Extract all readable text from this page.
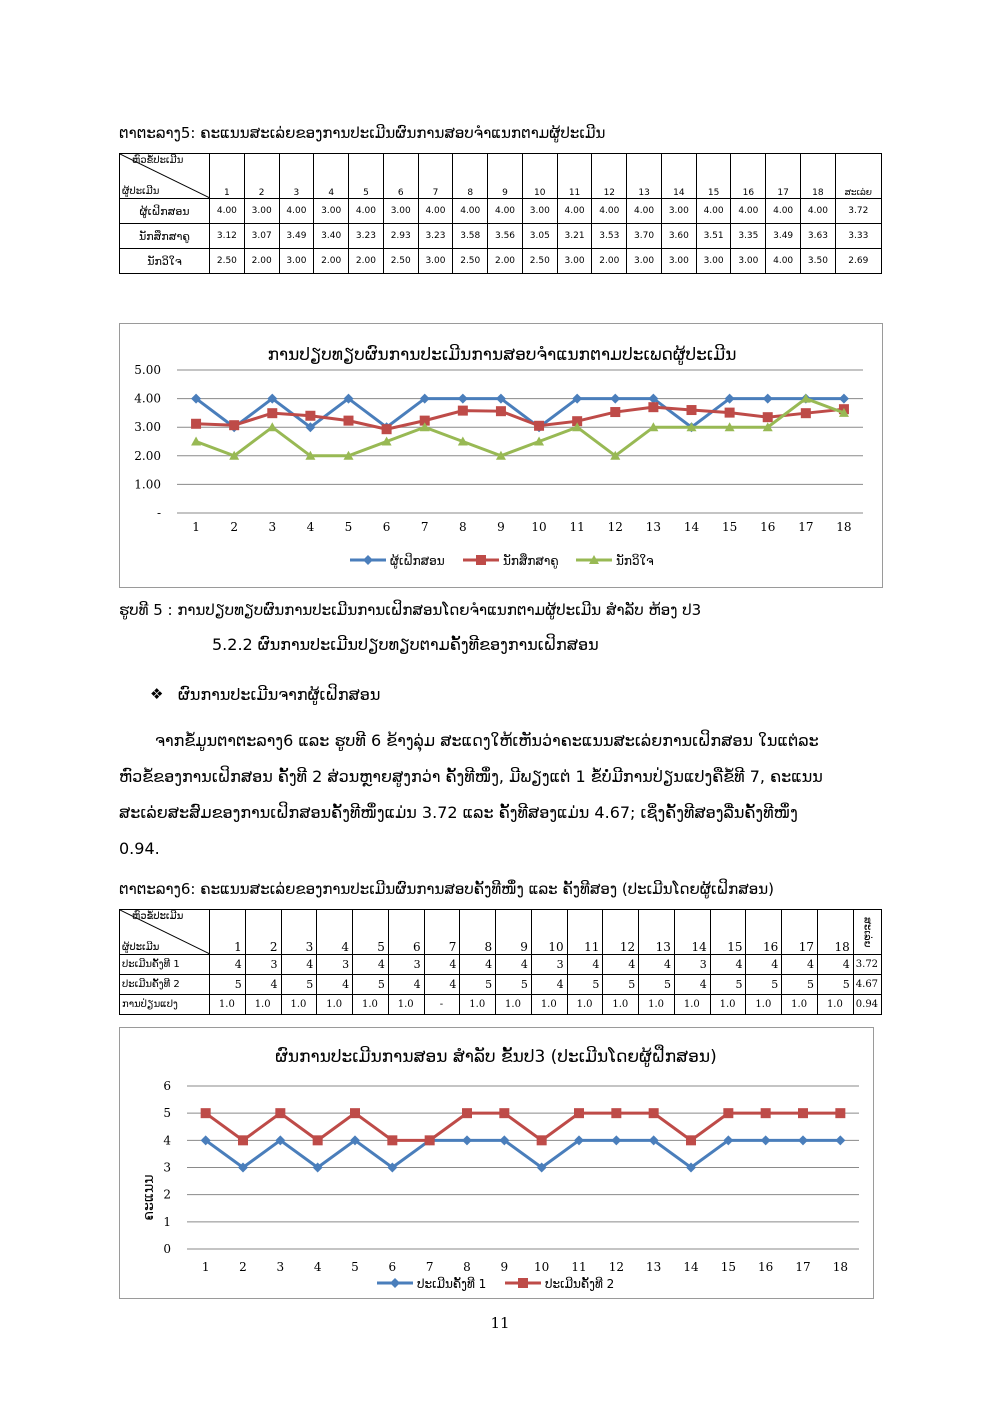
ຕາຕະລາງ5: ຄະແນນສະເລ່ຍຂອງການປະເມີນຜົນການສອບຈຳແນກຕາມຜູ້ປະເມີນ
ຫົວຂໍ້ປະເມີນ
ຜູ້ປະເມີນ	1	2	3	4	5	6	7	8	9	10	11	12	13	14	15	16	17	18	ສະເລ່ຍ
ຜູ້ເຝິກສອນ	4.00	3.00	4.00	3.00	4.00	3.00	4.00	4.00	4.00	3.00	4.00	4.00	4.00	3.00	4.00	4.00	4.00	4.00	3.72
ນັກສຶກສາຄູ	3.12	3.07	3.49	3.40	3.23	2.93	3.23	3.58	3.56	3.05	3.21	3.53	3.70	3.60	3.51	3.35	3.49	3.63	3.33
ນັກວິໃຈ	2.50	2.00	3.00	2.00	2.00	2.50	3.00	2.50	2.00	2.50	3.00	2.00	3.00	3.00	3.00	3.00	4.00	3.50	2.69
ການປຽບທຽບຜົນການປະເມີນການສອບຈຳແນກຕາມປະເພດຜູ້ປະເມີນ
-
1.00
2.00
3.00
4.00
5.00
1	2	3	4	5	6	7	8	9 10 11 12 13 14 15 16 17 18
ຜູ້ເຝິກສອນ	ນັກສຶກສາຄູ	ນັກວິໃຈ
ຮູບທີ 5 : ການປຽບທຽບຜົນການປະເມີນການເຝິກສອນໂດຍຈຳແນກຕາມຜູ້ປະເມີນ ສຳລັບ ຫ້ອງ ປ3
5.2.2 ຜົນການປະເມີນປຽບທຽບຕາມຄັ້ງທີຂອງການເຝິກສອນ
❖ ຜົນການປະເມີນຈາກຜູ້ເຝິກສອນ
ຈາກຂໍ້ມູນຕາຕະລາງ6 ແລະ ຮູບທີ 6 ຂ້າງລຸ່ມ ສະແດງໃຫ້ເຫັນວ່າຄະແນນສະເລ່ຍການເຝິກສອນ ໃນແຕ່ລະ
ຫົວຂໍ້ຂອງການເຝິກສອນ ຄັ້ງທີ 2 ສ່ວນຫຼາຍສູງກວ່າ ຄັ້ງທີໜຶ່ງ, ມີພຽງແຕ່ 1 ຂໍ້ບໍ່ມີການປ່ຽນແປງຄືຂໍ້ທີ 7, ຄະແນນ
ສະເລ່ຍສະສົມຂອງການເຝິກສອນຄັ້ງທີໜຶ່ງແມ່ນ 3.72 ແລະ ຄັ້ງທີສອງແມ່ນ 4.67; ເຊິ່ງຄັ້ງທີສອງລື່ນຄັ້ງທີໜຶ່ງ
0.94.
ຕາຕະລາງ6: ຄະແນນສະເລ່ຍຂອງການປະເມີນຜົນການສອບຄັ້ງທີໜຶ່ງ ແລະ ຄັ້ງທີສອງ (ປະເມີນໂດຍຜູ້ເຝິກສອນ)
ຫົວຂໍ້ປະເມີນ
ຜູ້ປະເມີນ	1	2	3	4	5	6	7	8	9	10	11	12	13	14	15	16	17	18	ສະເລ່ຍ
ປະເມີນຄັ້ງທີ 1	4	3	4	3	4	3	4	4	4	3	4	4	4	3	4	4	4	4	3.72
ປະເມີນຄັ້ງທີ 2	5	4	5	4	5	4	4	5	5	4	5	5	5	4	5	5	5	5	4.67
ການປ່ຽນແປງ	1.0	1.0	1.0	1.0	1.0	1.0	-	1.0	1.0	1.0	1.0	1.0	1.0	1.0	1.0	1.0	1.0	1.0	0.94
ຜົນການປະເມີນການສອນ ສຳລັບ ຂັ້ນປ3 (ປະເມີນໂດຍຜູ້ຝຶກສອນ)
0
1
2
3
4
5
6
1 2 3 4 5 6 7 8 9 10 11 12 13 14 15 16 17 18
ຄະແນນ
ປະເມີນຄັ້ງທີ 1	ປະເມີນຄັ້ງທີ 2
11
